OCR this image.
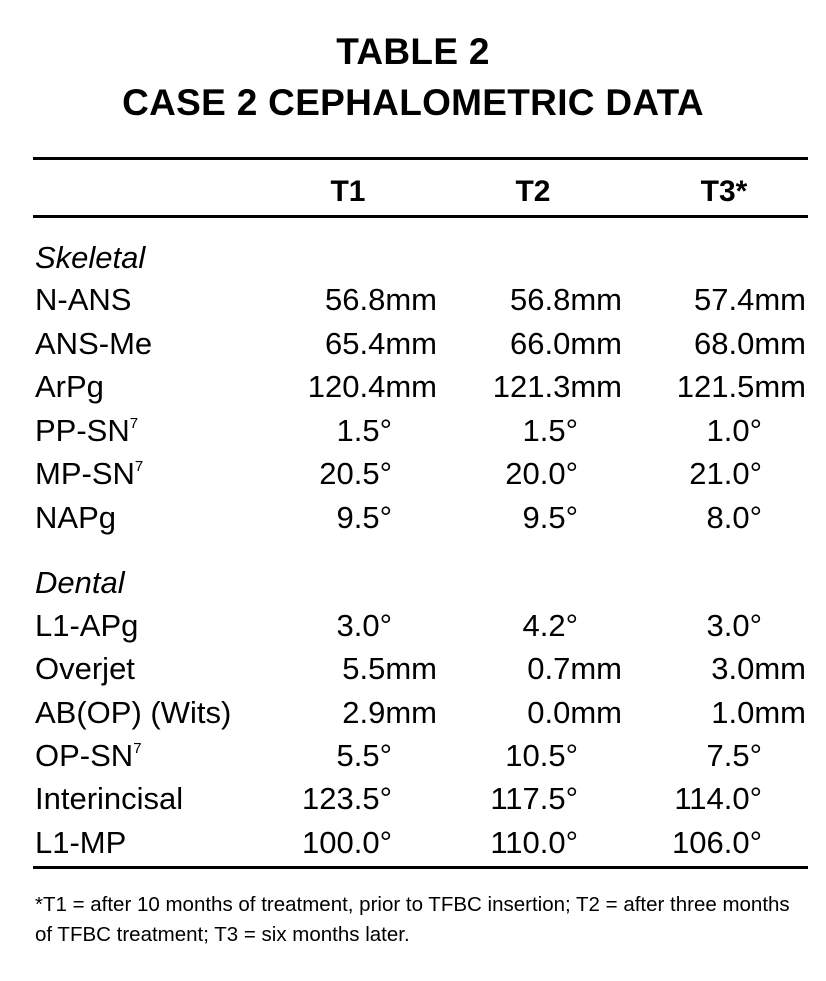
TABLE 2
CASE 2 CEPHALOMETRIC DATA
T1	T2	T3*
Skeletal
N-ANS	56.8mm 56.8mm 57.4mm
ANS-Me	65.4mm 66.0mm 68.0mm
ArPg	120.4mm 121.3mm 121.5mm
$PP-SN^7$	1.5°	1.5°	1.0°
$MP-SN^7$	20.5°	20.0°	21.0°
NAPg	9.5°	9.5°	8.0°
Dental
L1-APg	3.0°	4.2°	3.0°
Overjet	5.5mm	0.7mm	3.0mm
AB(OP) (Wits)	2.9mm	0.0mm	1.0mm
$OP-SN^7$	5.5°	10.5°	7.5°
Interincisal	123.5°	117.5°	114.0°
L1-MP	100.0°	110.0°	106.0°
*T1 = after 10 months of treatment, prior to TFBC insertion; T2 = after three months of TFBC treatment; T3 = six months later.
